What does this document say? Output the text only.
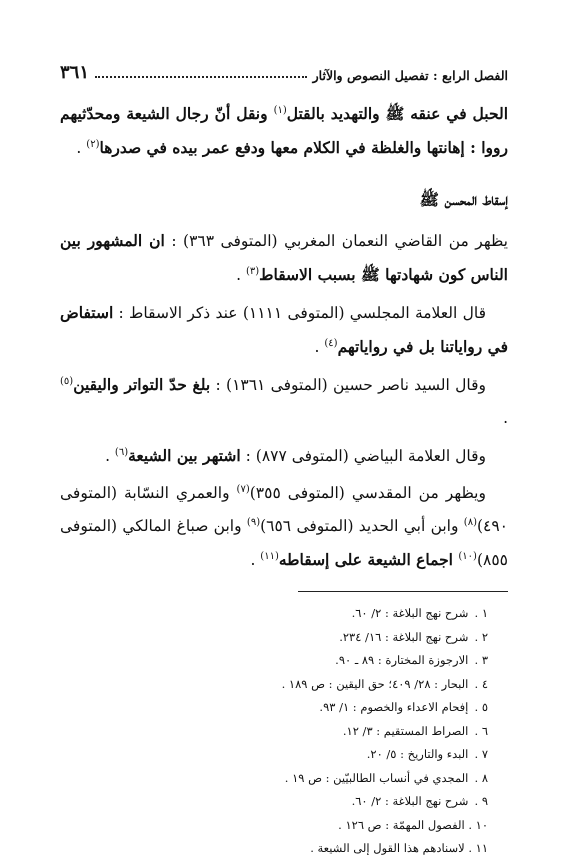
الفصل الرابع : تفصيل النصوص والآثار
٣٦١

الحبل في عنقه ﷺ والتهديد بالقتل$^{(١)}$ ونقل أنّ رجال الشيعة ومحدّثيهم رووا : إهانتها والغلظة في الكلام معها ودفع عمر بيده في صدرها$^{(٢)}$ .

إسقاط المحسن ﷺ

يظهر من القاضي النعمان المغربي (المتوفى ٣٦٣) : ان المشهور بين الناس كون شهادتها ﷺ بسبب الاسقاط$^{(٣)}$ .

قال العلامة المجلسي (المتوفى ١١١١) عند ذكر الاسقاط : استفاض في رواياتنا بل في رواياتهم$^{(٤)}$ .

وقال السيد ناصر حسين (المتوفى ١٣٦١) : بلغ حدّ التواتر واليقين$^{(٥)}$ .

وقال العلامة البياضي (المتوفى ٨٧٧) : اشتهر بين الشيعة$^{(٦)}$ .

ويظهر من المقدسي (المتوفى ٣٥٥)$^{(٧)}$ والعمري النسّابة (المتوفى ٤٩٠)$^{(٨)}$ وابن أبي الحديد (المتوفى ٦٥٦)$^{(٩)}$ وابن صباغ المالكي (المتوفى ٨٥٥)$^{(١٠)}$ اجماع الشيعة على إسقاطه$^{(١١)}$ .

١ . شرح نهج البلاغة : ٢/ ٦٠.
٢ . شرح نهج البلاغة : ١٦/ ٢٣٤.
٣ . الارجوزة المختارة : ٨٩ ـ ٩٠.
٤ . البحار : ٢٨/ ٤٠٩؛ حق اليقين : ص ١٨٩ .
٥ . إفحام الاعداء والخصوم : ١/ ٩٣.
٦ . الصراط المستقيم : ٣/ ١٢.
٧ . البدء والتاريخ : ٥/ ٢٠.
٨ . المجدي في أنساب الطالبيّين : ص ١٩ .
٩ . شرح نهج البلاغة : ٢/ ٦٠.
١٠ . الفصول المهمّة : ص ١٢٦ .
١١ . لاسنادهم هذا القول إلى الشيعة .
